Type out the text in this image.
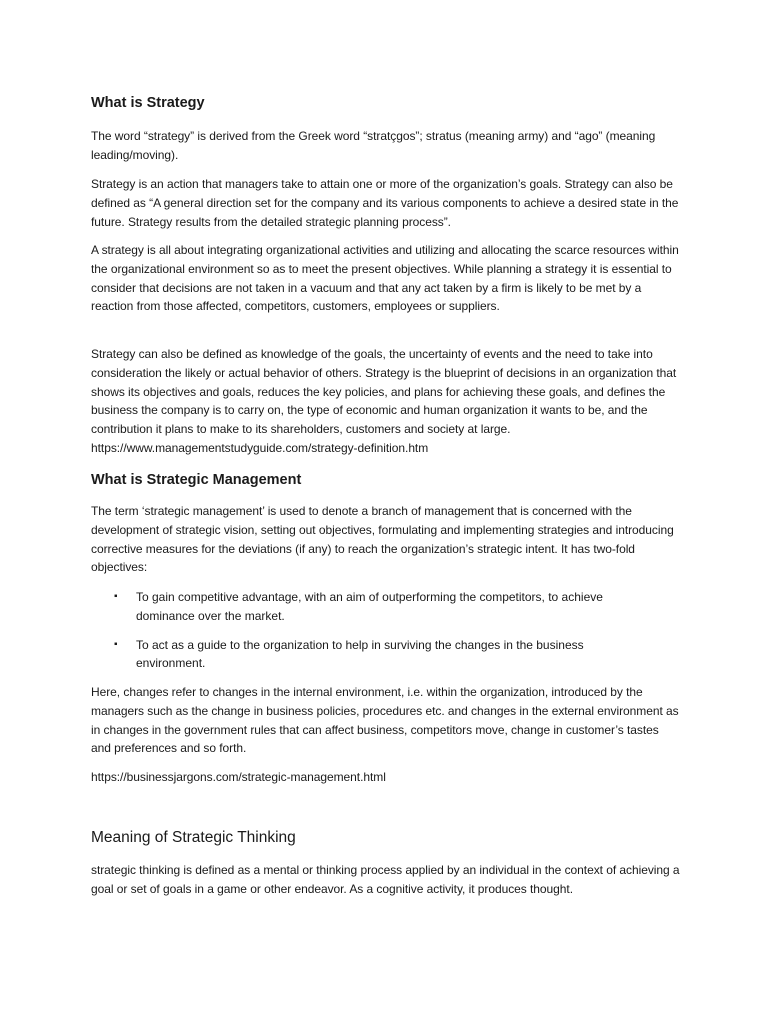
What is Strategy

The word “strategy” is derived from the Greek word “stratçgos”; stratus (meaning army) and “ago” (meaning leading/moving).

Strategy is an action that managers take to attain one or more of the organization’s goals. Strategy can also be defined as “A general direction set for the company and its various components to achieve a desired state in the future. Strategy results from the detailed strategic planning process”.

A strategy is all about integrating organizational activities and utilizing and allocating the scarce resources within the organizational environment so as to meet the present objectives. While planning a strategy it is essential to consider that decisions are not taken in a vacuum and that any act taken by a firm is likely to be met by a reaction from those affected, competitors, customers, employees or suppliers.

Strategy can also be defined as knowledge of the goals, the uncertainty of events and the need to take into consideration the likely or actual behavior of others. Strategy is the blueprint of decisions in an organization that shows its objectives and goals, reduces the key policies, and plans for achieving these goals, and defines the business the company is to carry on, the type of economic and human organization it wants to be, and the contribution it plans to make to its shareholders, customers and society at large. https://www.managementstudyguide.com/strategy-definition.htm

What is Strategic Management

The term ‘strategic management’ is used to denote a branch of management that is concerned with the development of strategic vision, setting out objectives, formulating and implementing strategies and introducing corrective measures for the deviations (if any) to reach the organization’s strategic intent. It has two-fold objectives:

▪ To gain competitive advantage, with an aim of outperforming the competitors, to achieve dominance over the market.
▪ To act as a guide to the organization to help in surviving the changes in the business environment.

Here, changes refer to changes in the internal environment, i.e. within the organization, introduced by the managers such as the change in business policies, procedures etc. and changes in the external environment as in changes in the government rules that can affect business, competitors move, change in customer’s tastes and preferences and so forth.

https://businessjargons.com/strategic-management.html

Meaning of Strategic Thinking

strategic thinking is defined as a mental or thinking process applied by an individual in the context of achieving a goal or set of goals in a game or other endeavor. As a cognitive activity, it produces thought.
